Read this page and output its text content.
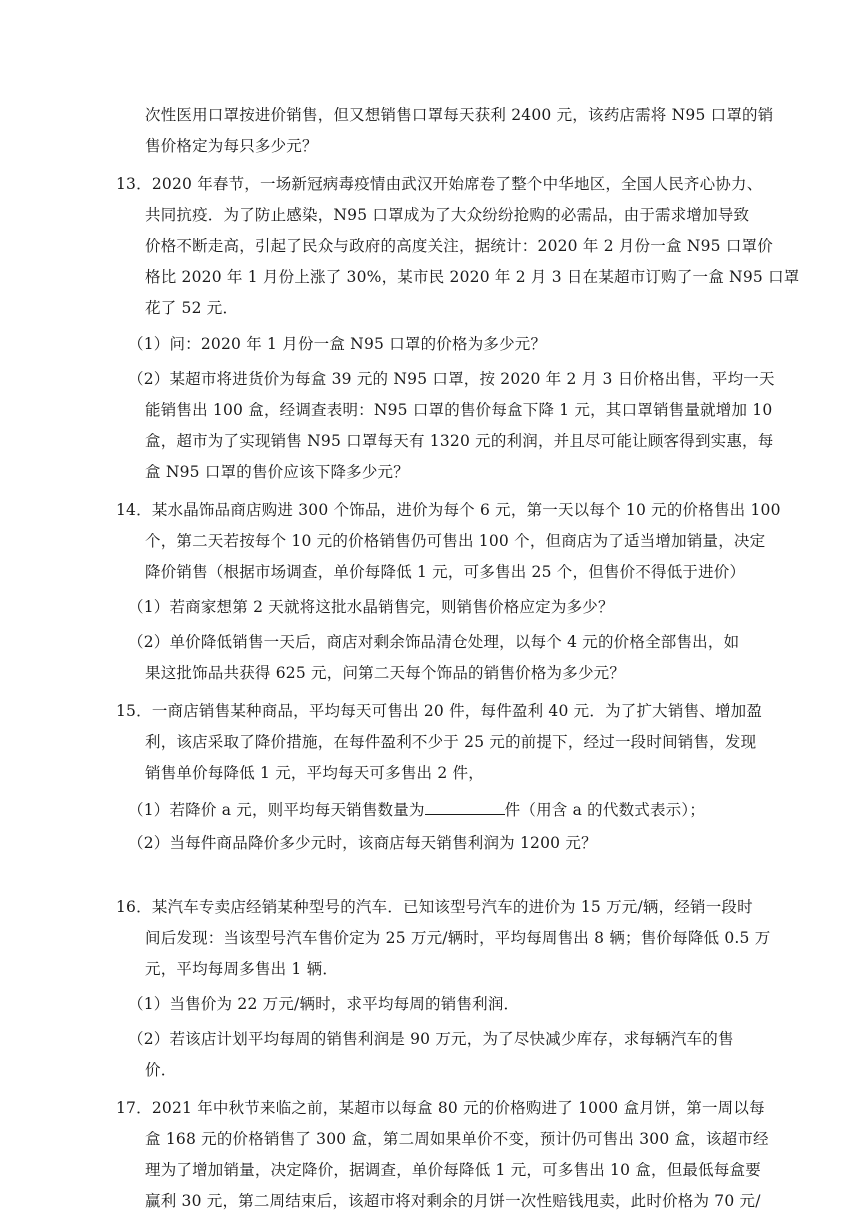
次性医用口罩按进价销售，但又想销售口罩每天获利 2400 元，该药店需将 N95 口罩的销
售价格定为每只多少元？
13．2020 年春节，一场新冠病毒疫情由武汉开始席卷了整个中华地区，全国人民齐心协力、
共同抗疫．为了防止感染，N95 口罩成为了大众纷纷抢购的必需品，由于需求增加导致
价格不断走高，引起了民众与政府的高度关注，据统计：2020 年 2 月份一盒 N95 口罩价
格比 2020 年 1 月份上涨了 30%，某市民 2020 年 2 月 3 日在某超市订购了一盒 N95 口罩
花了 52 元．
（1）问：2020 年 1 月份一盒 N95 口罩的价格为多少元？
（2）某超市将进货价为每盒 39 元的 N95 口罩，按 2020 年 2 月 3 日价格出售，平均一天
能销售出 100 盒，经调查表明：N95 口罩的售价每盒下降 1 元，其口罩销售量就增加 10
盒，超市为了实现销售 N95 口罩每天有 1320 元的利润，并且尽可能让顾客得到实惠，每
盒 N95 口罩的售价应该下降多少元？
14．某水晶饰品商店购进 300 个饰品，进价为每个 6 元，第一天以每个 10 元的价格售出 100
个，第二天若按每个 10 元的价格销售仍可售出 100 个，但商店为了适当增加销量，决定
降价销售（根据市场调查，单价每降低 1 元，可多售出 25 个，但售价不得低于进价）
（1）若商家想第 2 天就将这批水晶销售完，则销售价格应定为多少？
（2）单价降低销售一天后，商店对剩余饰品清仓处理，以每个 4 元的价格全部售出，如
果这批饰品共获得 625 元，问第二天每个饰品的销售价格为多少元？
15．一商店销售某种商品，平均每天可售出 20 件，每件盈利 40 元．为了扩大销售、增加盈
利，该店采取了降价措施，在每件盈利不少于 25 元的前提下，经过一段时间销售，发现
销售单价每降低 1 元，平均每天可多售出 2 件，
（1）若降价 a 元，则平均每天销售数量为	件（用含 a 的代数式表示）；
（2）当每件商品降价多少元时，该商店每天销售利润为 1200 元？
16．某汽车专卖店经销某种型号的汽车．已知该型号汽车的进价为 15 万元/辆，经销一段时
间后发现：当该型号汽车售价定为 25 万元/辆时，平均每周售出 8 辆；售价每降低 0.5 万
元，平均每周多售出 1 辆．
（1）当售价为 22 万元/辆时，求平均每周的销售利润．
（2）若该店计划平均每周的销售利润是 90 万元，为了尽快减少库存，求每辆汽车的售
价．
17．2021 年中秋节来临之前，某超市以每盒 80 元的价格购进了 1000 盒月饼，第一周以每
盒 168 元的价格销售了 300 盒，第二周如果单价不变，预计仍可售出 300 盒，该超市经
理为了增加销量，决定降价，据调查，单价每降低 1 元，可多售出 10 盒，但最低每盒要
赢利 30 元，第二周结束后，该超市将对剩余的月饼一次性赔钱甩卖，此时价格为 70 元/
